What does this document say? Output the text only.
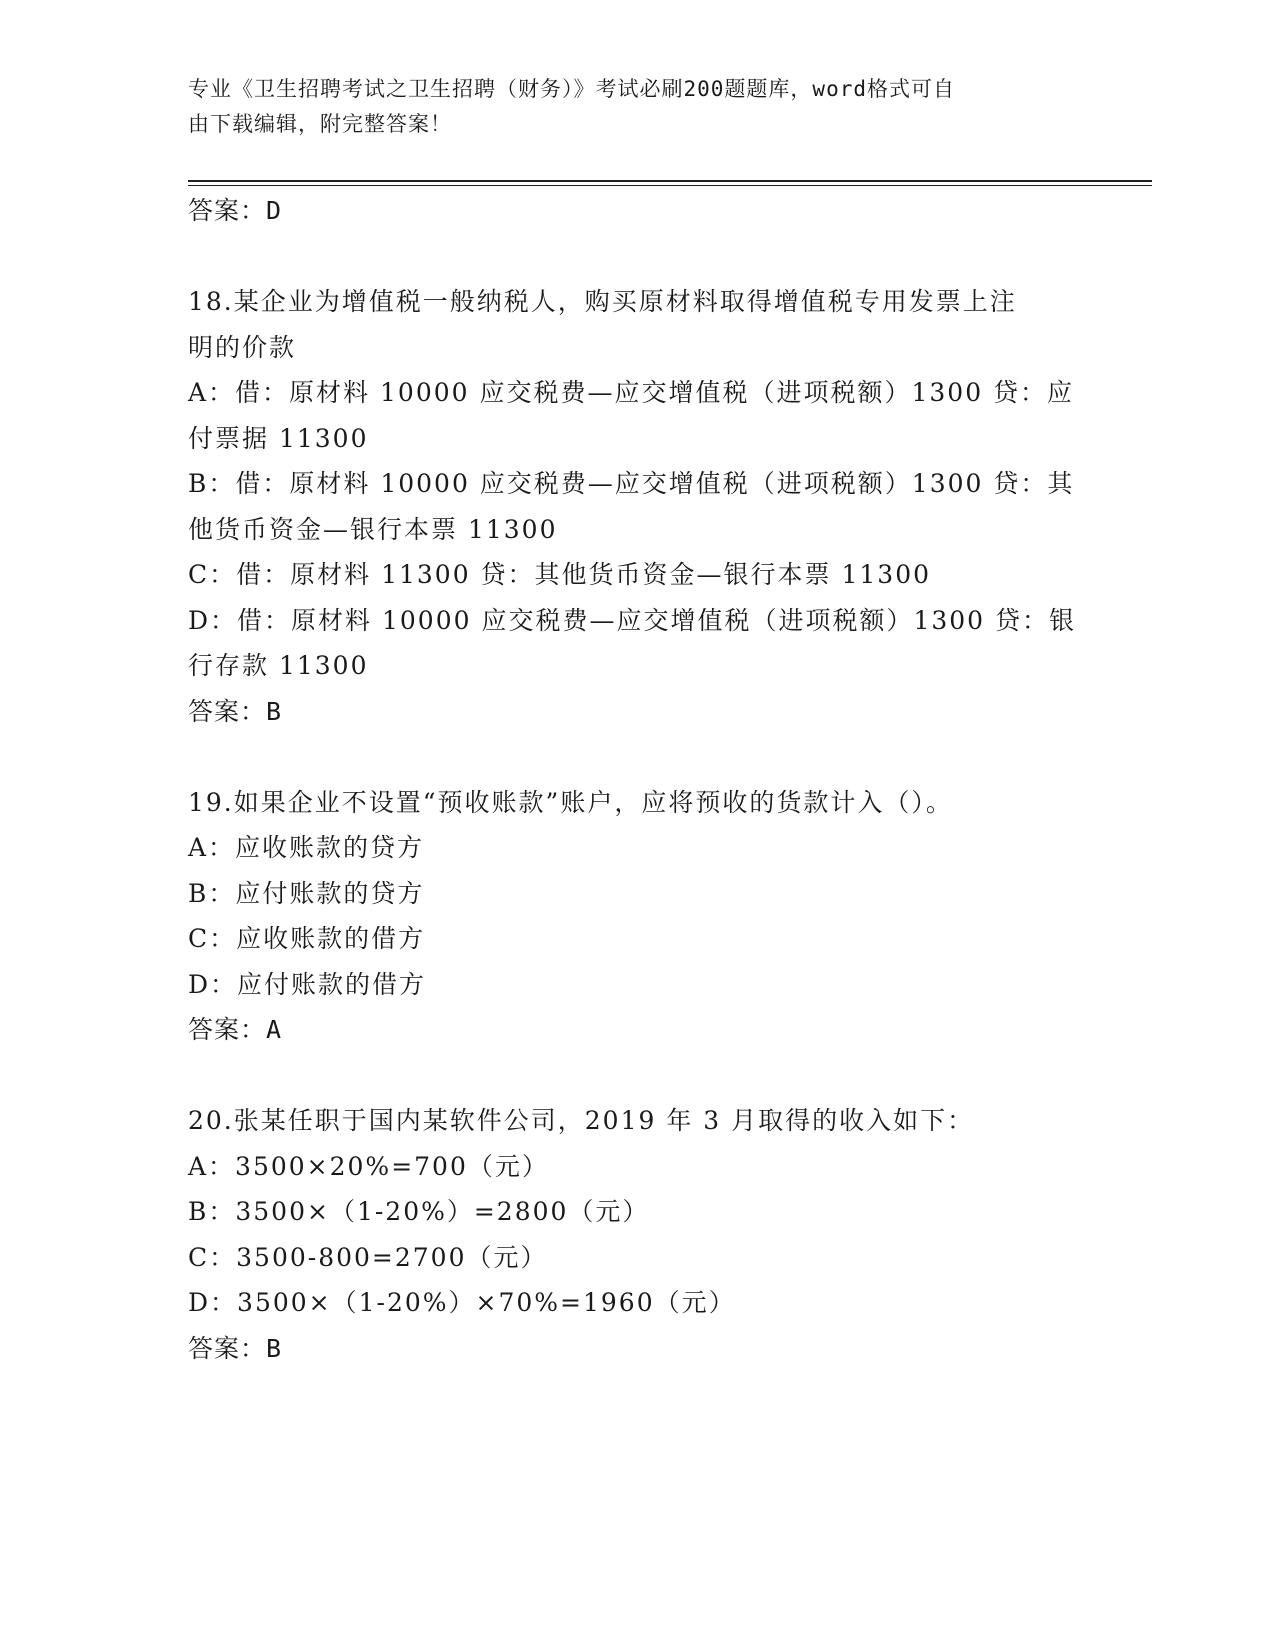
专业《卫生招聘考试之卫生招聘（财务）》考试必刷200题题库，word格式可自
由下载编辑，附完整答案！
答案：D
18.某企业为增值税一般纳税人，购买原材料取得增值税专用发票上注
明的价款
A：借：原材料 10000 应交税费—应交增值税（进项税额）1300 贷：应
付票据 11300
B：借：原材料 10000 应交税费—应交增值税（进项税额）1300 贷：其
他货币资金—银行本票 11300
C：借：原材料 11300 贷：其他货币资金—银行本票 11300
D：借：原材料 10000 应交税费—应交增值税（进项税额）1300 贷：银
行存款 11300
答案：B
19.如果企业不设置“预收账款”账户，应将预收的货款计入（）。
A：应收账款的贷方
B：应付账款的贷方
C：应收账款的借方
D：应付账款的借方
答案：A
20.张某任职于国内某软件公司，2019 年 3 月取得的收入如下：
A：3500×20%=700（元）
B：3500×（1-20%）=2800（元）
C：3500-800=2700（元）
D：3500×（1-20%）×70%=1960（元）
答案：B
